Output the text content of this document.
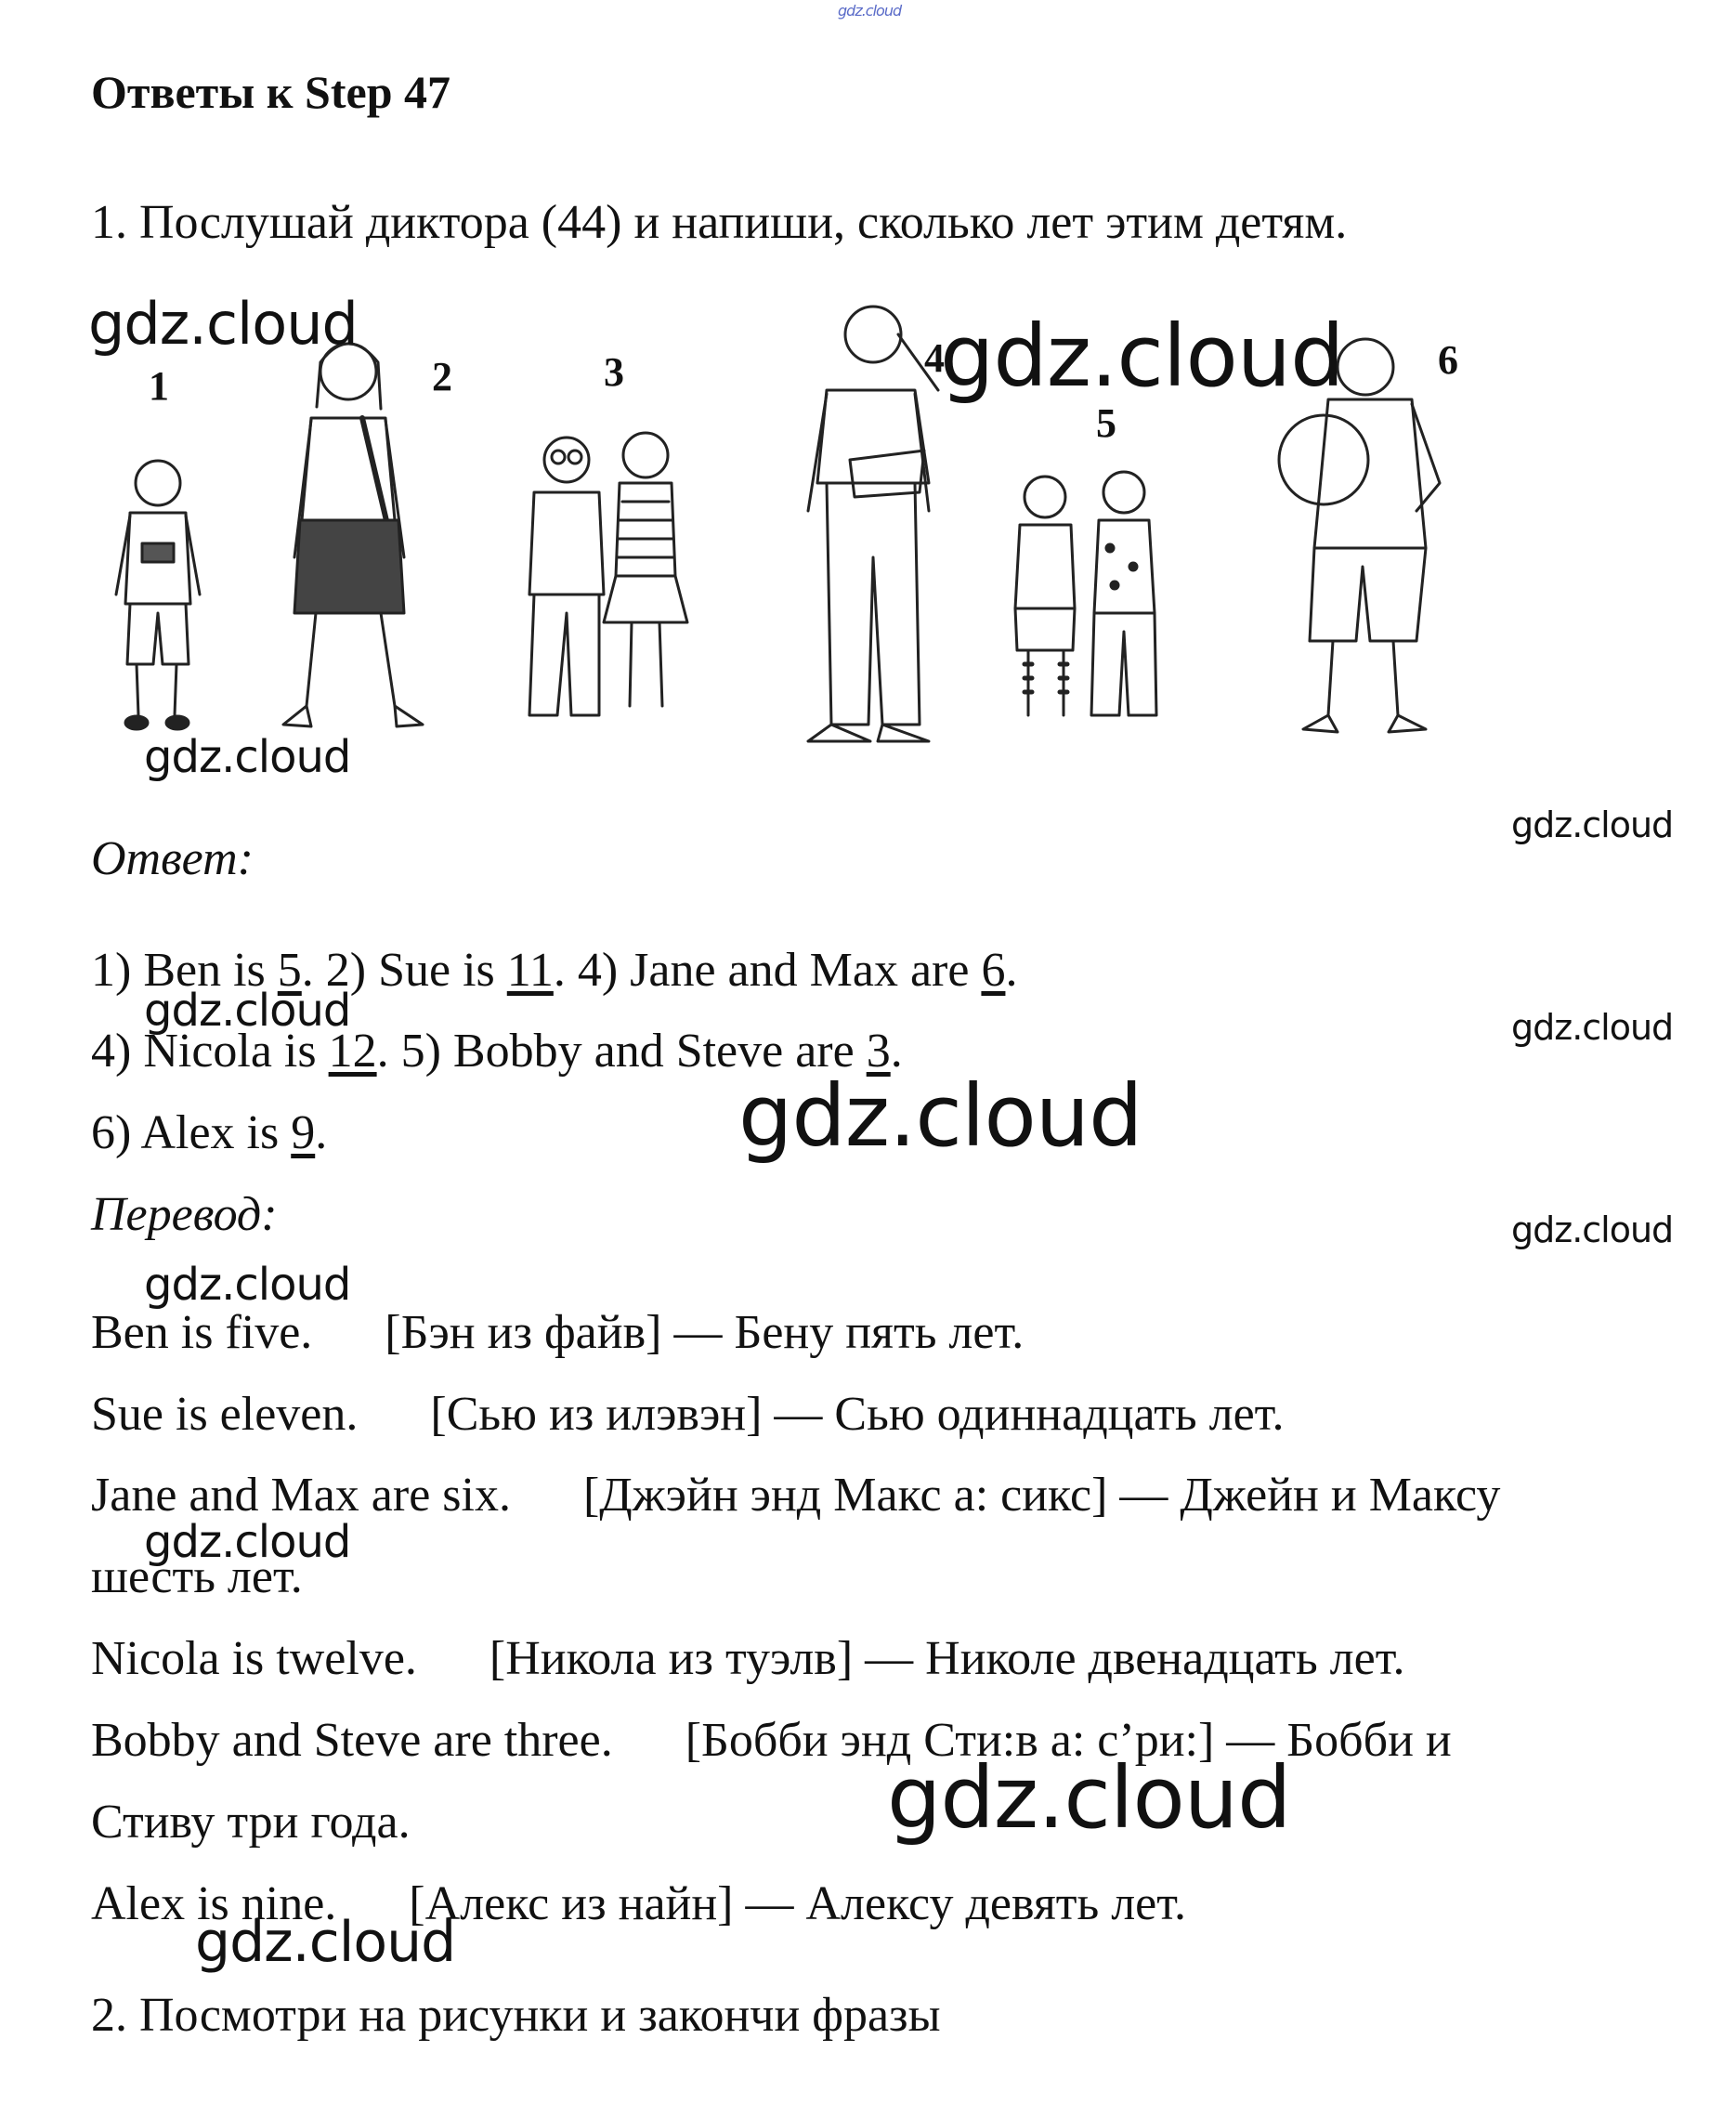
gdz.cloud
Ответы к Step 47
1. Послушай диктора (44) и напиши, сколько лет этим детям.
1	2	3	4
5
6
Ответ:
1) Ben is 5. 2) Sue is 11. 4) Jane and Max are 6.
4) Nicola is 12. 5) Bobby and Steve are 3.
6) Alex is 9.
Перевод:
Ben is five. [Бэн из файв] — Бену пять лет.
Sue is eleven. [Сью из илэвэн] — Сью одиннадцать лет.
Jane and Max are six. [Джэйн энд Макс а: сикс] — Джейн и Максу
шесть лет.
Nicola is twelve. [Никола из туэлв] — Николе двенадцать лет.
Bobby and Steve are three. [Бобби энд Сти:в а: с’ри:] — Бобби и
Стиву три года.
Alex is nine. [Алекс из найн] — Алексу девять лет.
2. Посмотри на рисунки и закончи фразы
gdz.cloud	gdz.cloud
gdz.cloud
gdz.cloud
gdz.cloud	gdz.cloud
gdz.cloud
gdz.cloud
gdz.cloud
gdz.cloud
gdz.cloud
gdz.cloud
